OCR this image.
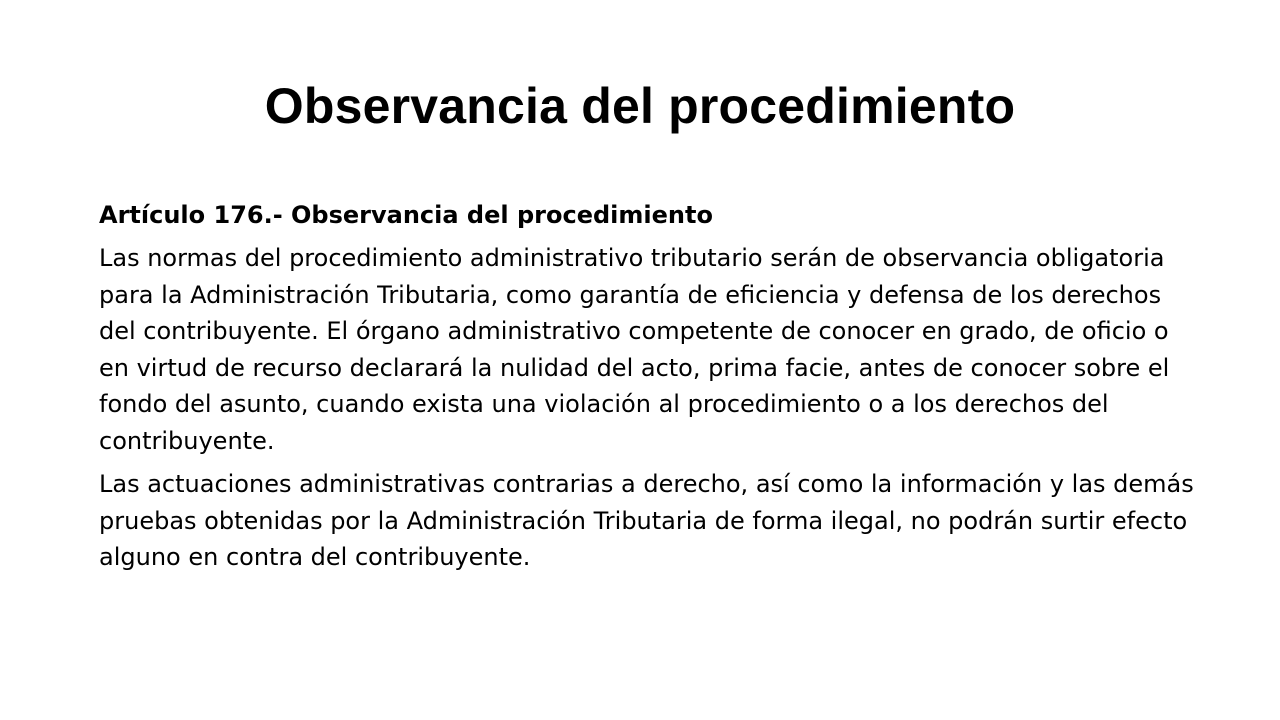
Observancia del procedimiento

Artículo 176.- Observancia del procedimiento

Las normas del procedimiento administrativo tributario serán de observancia obligatoria para la Administración Tributaria, como garantía de eficiencia y defensa de los derechos del contribuyente. El órgano administrativo competente de conocer en grado, de oficio o en virtud de recurso declarará la nulidad del acto, prima facie, antes de conocer sobre el fondo del asunto, cuando exista una violación al procedimiento o a los derechos del contribuyente.

Las actuaciones administrativas contrarias a derecho, así como la información y las demás pruebas obtenidas por la Administración Tributaria de forma ilegal, no podrán surtir efecto alguno en contra del contribuyente.
